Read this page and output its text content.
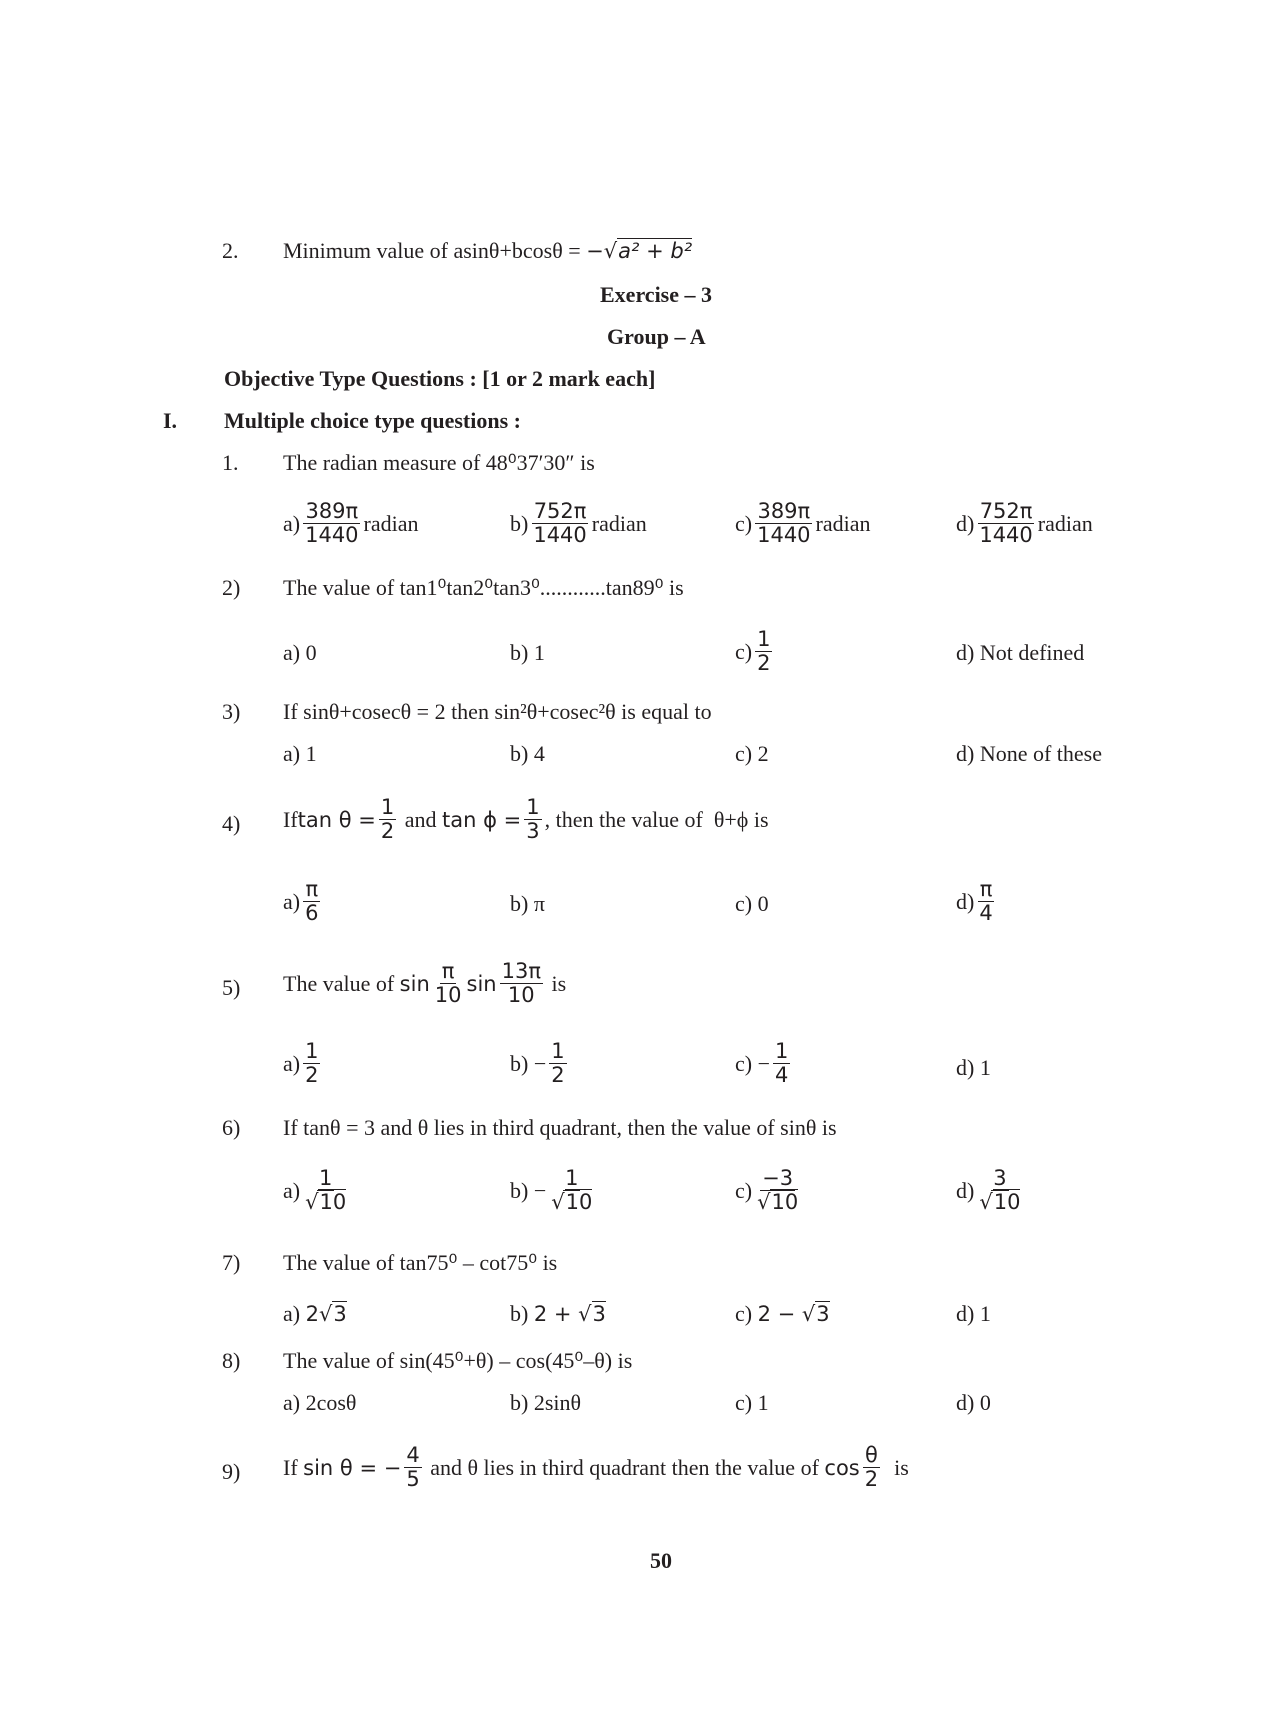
2. Minimum value of asinθ+bcosθ = −√a² + b²
Exercise – 3
Group – A
Objective Type Questions : [1 or 2 mark each]
I. Multiple choice type questions :
1. The radian measure of 48⁰37′30″ is
$a) \frac{389\pi}{1440}$ radian	$b) \frac{752\pi}{1440}$ radian	$c) \frac{389\pi}{1440}$ radian	$d) \frac{752\pi}{1440}$ radian
2) The value of tan1⁰tan2⁰tan3⁰............tan89⁰ is
a) 0	b) 1	$c) \frac{1}{2}$	d) Not defined
3) If sinθ+cosecθ = 2 then sin²θ+cosec²θ is equal to
a) 1	b) 4	c) 2	d) None of these
4) If $\tan \theta = \frac{1}{2}$ and $\tan \phi = \frac{1}{3}$ , then the value of  θ+ϕ is
$a) \frac{\pi}{6}$	b) π	c) 0	$d) \frac{\pi}{4}$
5) The value of $\sin \frac{\pi}{10}$ $\sin \frac{13\pi}{10}$ is
$a) \frac{1}{2}$	$b) - \frac{1}{2}$	$c) - \frac{1}{4}$	d) 1
6) If tanθ = 3 and θ lies in third quadrant, then the value of sinθ is
$a) \frac{1}{√10}$	$b) - \frac{1}{√10}$	$c) \frac{-3}{√10}$	$d) \frac{3}{√10}$
7) The value of tan75⁰ – cot75⁰ is
a) 2√3	b) 2 + √3	c) 2 − √3	d) 1
8) The value of sin(45⁰+θ) – cos(45⁰–θ) is
a) 2cosθ	b) 2sinθ	c) 1	d) 0
9) If sin θ = − $\frac{4}{5}$ and θ lies in third quadrant then the value of $\cos \frac{\theta}{2}$ is
50
